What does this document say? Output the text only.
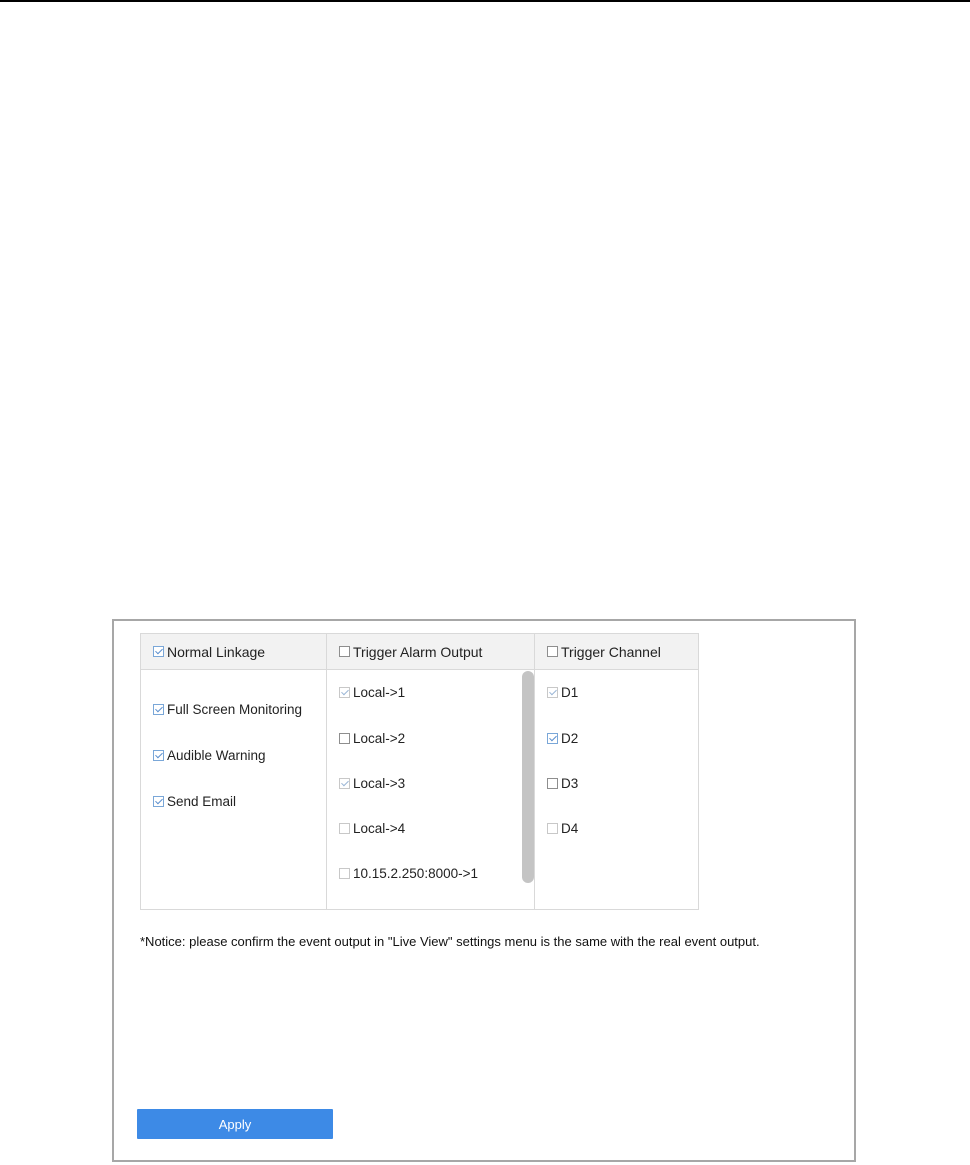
Normal Linkage
Full Screen Monitoring
Audible Warning
Send Email
Trigger Alarm Output
Local->1
Local->2
Local->3
Local->4
10.15.2.250:8000->1
Trigger Channel
D1
D2
D3
D4
*Notice: please confirm the event output in "Live View" settings menu is the same with the real event output.
Apply
